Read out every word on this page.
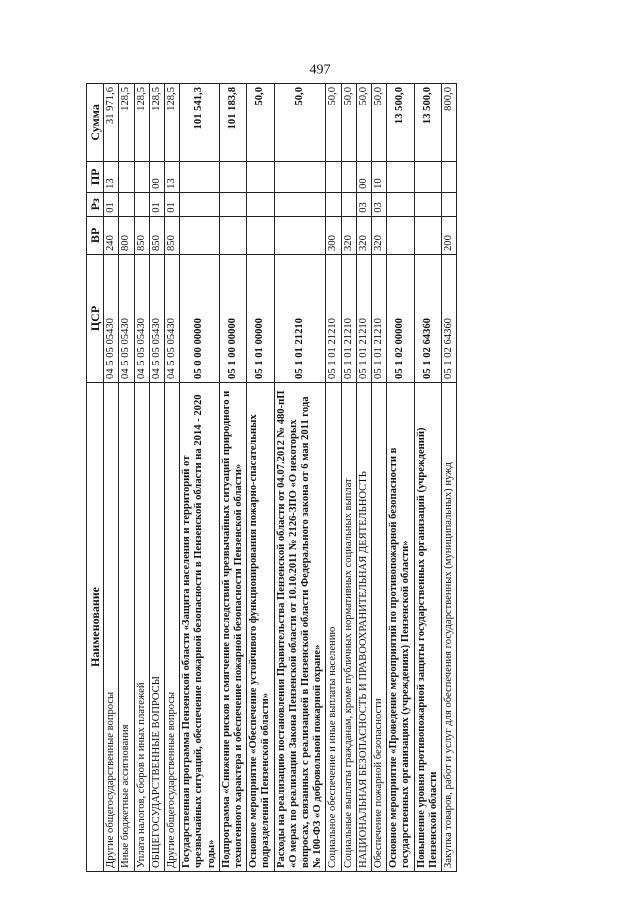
497
Наименование	ЦСР	ВР	Рз	ПР	Сумма
Другие общегосударственные вопросы	04 5 05 05430	240	01	13	31 971,6
Иные бюджетные ассигнования	04 5 05 05430	800			128,5
Уплата налогов, сборов и иных платежей	04 5 05 05430	850			128,5
ОБЩЕГОСУДАРСТВЕННЫЕ ВОПРОСЫ	04 5 05 05430	850	01	00	128,5
Другие общегосударственные вопросы	04 5 05 05430	850	01	13	128,5
Государственная программа Пензенской области «Защита населения и территорий от чрезвычайных ситуаций, обеспечение пожарной безопасности в Пензенской области на 2014 - 2020 годы»	05 0 00 00000				101 541,3
Подпрограмма «Снижение рисков и смягчение последствий чрезвычайных ситуаций природного и техногенного характера и обеспечение пожарной безопасности Пензенской области»	05 1 00 00000				101 183,8
Основное мероприятие «Обеспечение устойчивого функционирования пожарно-спасательных подразделений Пензенской области»	05 1 01 00000				50,0
Расходы на реализацию постановления Правительства Пензенской области от 04.07.2012 № 480-пП «О мерах по реализации Закона Пензенской области от 10.10.2011 № 2126-ЗПО «О некоторых вопросах, связанных с реализацией в Пензенской области Федерального закона от 6 мая 2011 года № 100-ФЗ «О добровольной пожарной охране»	05 1 01 21210				50,0
Социальное обеспечение и иные выплаты населению	05 1 01 21210	300			50,0
Социальные выплаты гражданам, кроме публичных нормативных социальных выплат	05 1 01 21210	320			50,0
НАЦИОНАЛЬНАЯ БЕЗОПАСНОСТЬ И ПРАВООХРАНИТЕЛЬНАЯ ДЕЯТЕЛЬНОСТЬ	05 1 01 21210	320	03	00	50,0
Обеспечение пожарной безопасности	05 1 01 21210	320	03	10	50,0
Основное мероприятие «Проведение мероприятий по противопожарной безопасности в государственных организациях (учреждениях) Пензенской области»	05 1 02 00000				13 500,0
Повышение уровня противопожарной защиты государственных организаций (учреждений) Пензенской области	05 1 02 64360				13 500,0
Закупка товаров, работ и услуг для обеспечения государственных (муниципальных) нужд	05 1 02 64360	200			800,0
